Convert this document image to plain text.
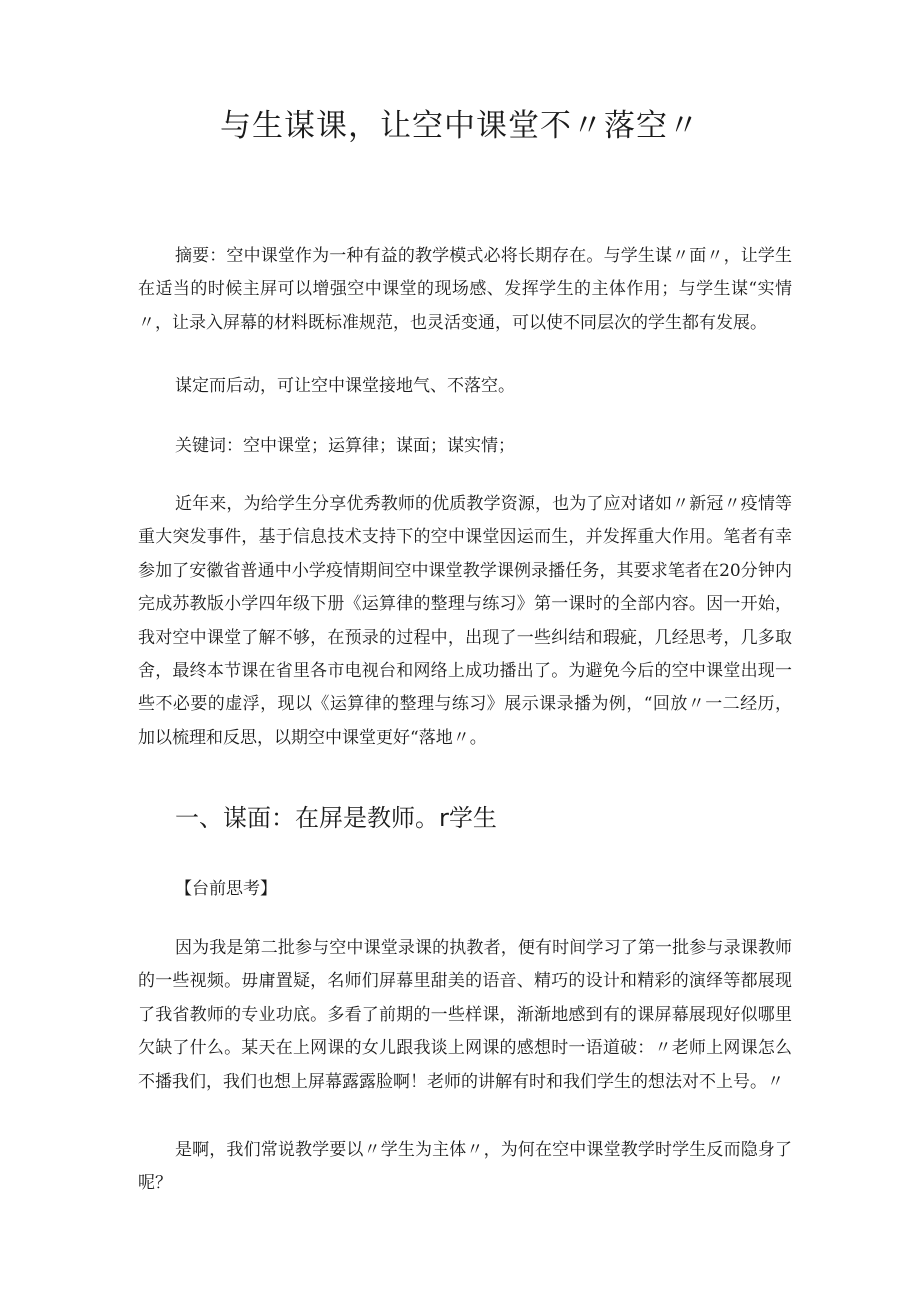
与生谋课，让空中课堂不〃落空〃

摘要：空中课堂作为一种有益的教学模式必将长期存在。与学生谋〃面〃，让学生在适当的时候主屏可以增强空中课堂的现场感、发挥学生的主体作用；与学生谋“实情〃，让录入屏幕的材料既标准规范，也灵活变通，可以使不同层次的学生都有发展。

谋定而后动，可让空中课堂接地气、不落空。

关键词：空中课堂；运算律；谋面；谋实情；

近年来，为给学生分享优秀教师的优质教学资源，也为了应对诸如〃新冠〃疫情等重大突发事件，基于信息技术支持下的空中课堂因运而生，并发挥重大作用。笔者有幸参加了安徽省普通中小学疫情期间空中课堂教学课例录播任务，其要求笔者在20分钟内完成苏教版小学四年级下册《运算律的整理与练习》第一课时的全部内容。因一开始，我对空中课堂了解不够，在预录的过程中，出现了一些纠结和瑕疵，几经思考，几多取舍，最终本节课在省里各市电视台和网络上成功播出了。为避免今后的空中课堂出现一些不必要的虚浮，现以《运算律的整理与练习》展示课录播为例，“回放〃一二经历，加以梳理和反思，以期空中课堂更好“落地〃。

一、谋面：在屏是教师。r学生

【台前思考】

因为我是第二批参与空中课堂录课的执教者，便有时间学习了第一批参与录课教师的一些视频。毋庸置疑，名师们屏幕里甜美的语音、精巧的设计和精彩的演绎等都展现了我省教师的专业功底。多看了前期的一些样课，渐渐地感到有的课屏幕展现好似哪里欠缺了什么。某天在上网课的女儿跟我谈上网课的感想时一语道破：〃老师上网课怎么不播我们，我们也想上屏幕露露脸啊！老师的讲解有时和我们学生的想法对不上号。〃

是啊，我们常说教学要以〃学生为主体〃，为何在空中课堂教学时学生反而隐身了呢？
